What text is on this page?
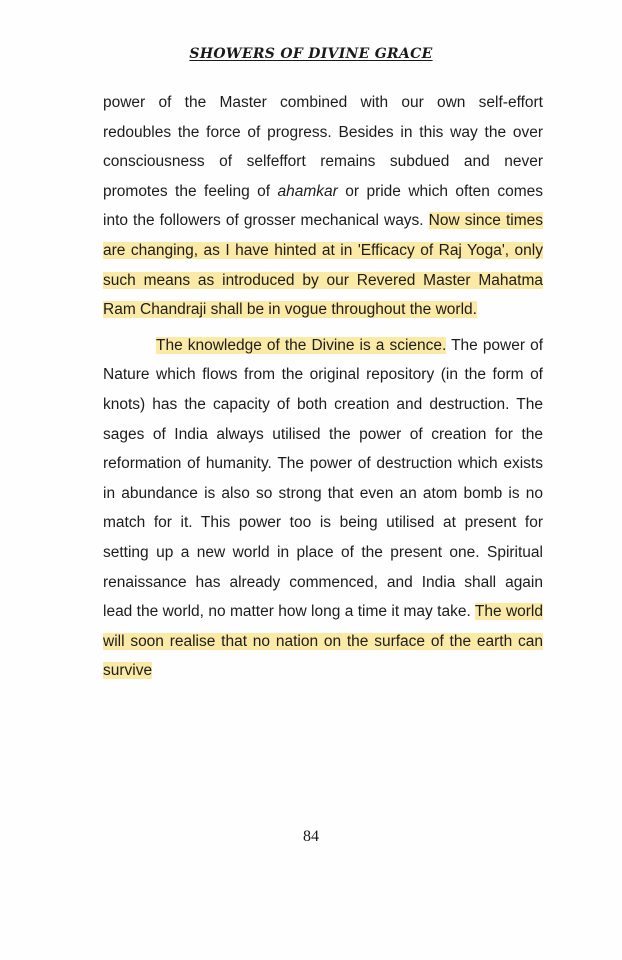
SHOWERS OF DIVINE GRACE

power of the Master combined with our own self-effort redoubles the force of progress. Besides in this way the over consciousness of selfeffort remains subdued and never promotes the feeling of ahamkar or pride which often comes into the followers of grosser mechanical ways. Now since times are changing, as I have hinted at in 'Efficacy of Raj Yoga', only such means as introduced by our Revered Master Mahatma Ram Chandraji shall be in vogue throughout the world.

The knowledge of the Divine is a science. The power of Nature which flows from the original repository (in the form of knots) has the capacity of both creation and destruction. The sages of India always utilised the power of creation for the reformation of humanity. The power of destruction which exists in abundance is also so strong that even an atom bomb is no match for it. This power too is being utilised at present for setting up a new world in place of the present one. Spiritual renaissance has already commenced, and India shall again lead the world, no matter how long a time it may take. The world will soon realise that no nation on the surface of the earth can survive

84
